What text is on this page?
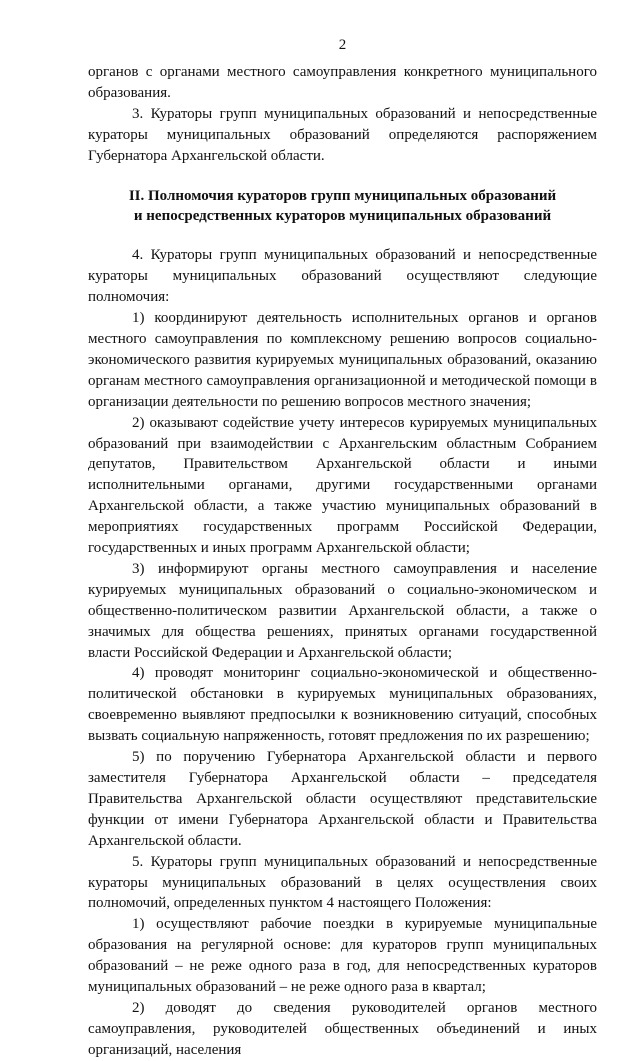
2

органов с органами местного самоуправления конкретного муниципального образования.

3. Кураторы групп муниципальных образований и непосредственные кураторы муниципальных образований определяются распоряжением Губернатора Архангельской области.

II. Полномочия кураторов групп муниципальных образований
и непосредственных кураторов муниципальных образований

4. Кураторы групп муниципальных образований и непосредственные кураторы муниципальных образований осуществляют следующие полномочия:

1) координируют деятельность исполнительных органов и органов местного самоуправления по комплексному решению вопросов социально-экономического развития курируемых муниципальных образований, оказанию органам местного самоуправления организационной и методической помощи в организации деятельности по решению вопросов местного значения;

2) оказывают содействие учету интересов курируемых муниципальных образований при взаимодействии с Архангельским областным Собранием депутатов, Правительством Архангельской области и иными исполнительными органами, другими государственными органами Архангельской области, а также участию муниципальных образований в мероприятиях государственных программ Российской Федерации, государственных и иных программ Архангельской области;

3) информируют органы местного самоуправления и население курируемых муниципальных образований о социально-экономическом и общественно-политическом развитии Архангельской области, а также о значимых для общества решениях, принятых органами государственной власти Российской Федерации и Архангельской области;

4) проводят мониторинг социально-экономической и общественно-политической обстановки в курируемых муниципальных образованиях, своевременно выявляют предпосылки к возникновению ситуаций, способных вызвать социальную напряженность, готовят предложения по их разрешению;

5) по поручению Губернатора Архангельской области и первого заместителя Губернатора Архангельской области – председателя Правительства Архангельской области осуществляют представительские функции от имени Губернатора Архангельской области и Правительства Архангельской области.

5. Кураторы групп муниципальных образований и непосредственные кураторы муниципальных образований в целях осуществления своих полномочий, определенных пунктом 4 настоящего Положения:

1) осуществляют рабочие поездки в курируемые муниципальные образования на регулярной основе: для кураторов групп муниципальных образований – не реже одного раза в год, для непосредственных кураторов муниципальных образований – не реже одного раза в квартал;

2) доводят до сведения руководителей органов местного самоуправления, руководителей общественных объединений и иных организаций, населения
